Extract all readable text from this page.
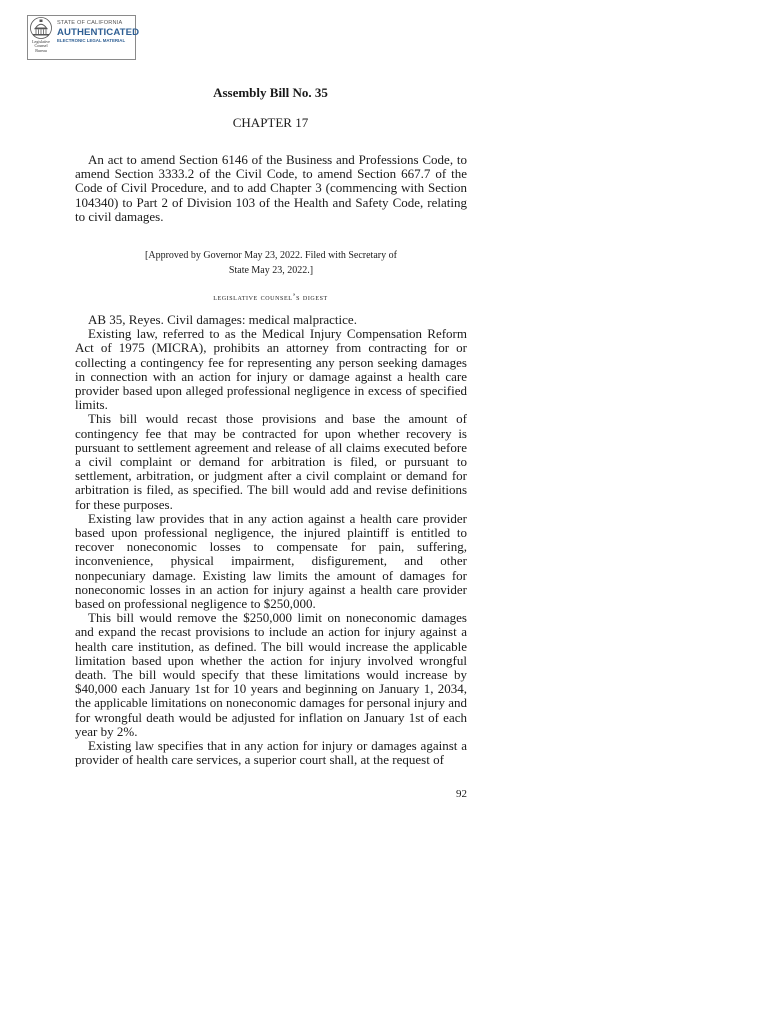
Legislative
Counsel
Bureau
STATE OF CALIFORNIA
AUTHENTICATED
ELECTRONIC LEGAL MATERIAL
Assembly Bill No. 35

CHAPTER 17

An act to amend Section 6146 of the Business and Professions Code, to amend Section 3333.2 of the Civil Code, to amend Section 667.7 of the Code of Civil Procedure, and to add Chapter 3 (commencing with Section 104340) to Part 2 of Division 103 of the Health and Safety Code, relating to civil damages.

[Approved by Governor May 23, 2022. Filed with Secretary of
State May 23, 2022.]

legislative counsel’s digest

AB 35, Reyes. Civil damages: medical malpractice.

Existing law, referred to as the Medical Injury Compensation Reform Act of 1975 (MICRA), prohibits an attorney from contracting for or collecting a contingency fee for representing any person seeking damages in connection with an action for injury or damage against a health care provider based upon alleged professional negligence in excess of specified limits.

This bill would recast those provisions and base the amount of contingency fee that may be contracted for upon whether recovery is pursuant to settlement agreement and release of all claims executed before a civil complaint or demand for arbitration is filed, or pursuant to settlement, arbitration, or judgment after a civil complaint or demand for arbitration is filed, as specified. The bill would add and revise definitions for these purposes.

Existing law provides that in any action against a health care provider based upon professional negligence, the injured plaintiff is entitled to recover noneconomic losses to compensate for pain, suffering, inconvenience, physical impairment, disfigurement, and other nonpecuniary damage. Existing law limits the amount of damages for noneconomic losses in an action for injury against a health care provider based on professional negligence to $250,000.

This bill would remove the $250,000 limit on noneconomic damages and expand the recast provisions to include an action for injury against a health care institution, as defined. The bill would increase the applicable limitation based upon whether the action for injury involved wrongful death. The bill would specify that these limitations would increase by $40,000 each January 1st for 10 years and beginning on January 1, 2034, the applicable limitations on noneconomic damages for personal injury and for wrongful death would be adjusted for inflation on January 1st of each year by 2%.

Existing law specifies that in any action for injury or damages against a provider of health care services, a superior court shall, at the request of

92
